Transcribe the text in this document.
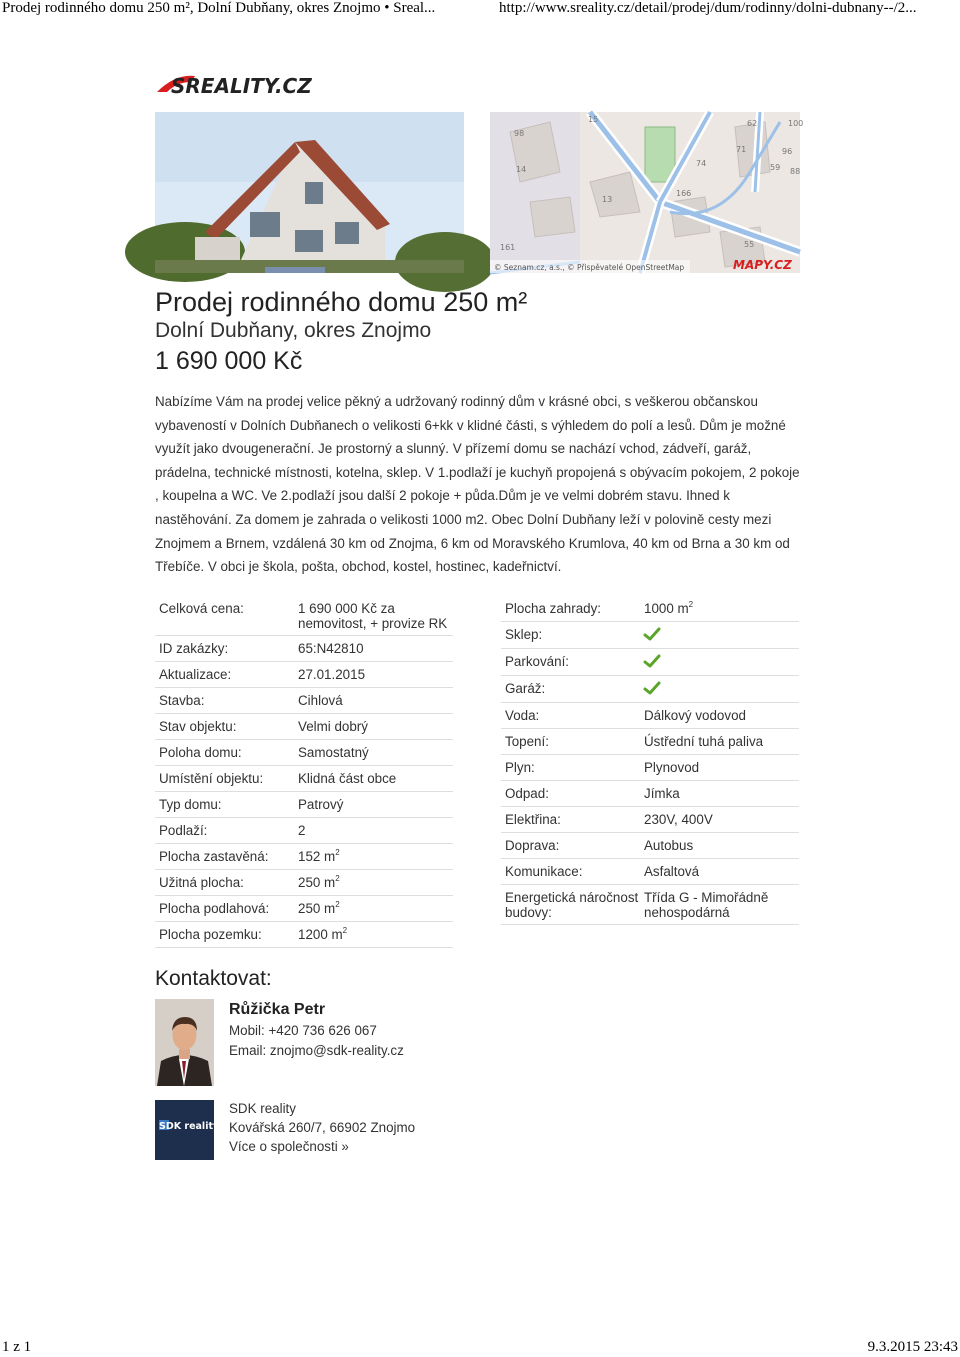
Prodej rodinného domu 250 m², Dolní Dubňany, okres Znojmo • Sreal...	http://www.sreality.cz/detail/prodej/dum/rodinny/dolni-dubnany--/2...
SREALITY.CZ
98
15	62	100
71	96
14
74	59 88
166
13
161	55
© Seznam.cz, a.s., © Přispěvatelé OpenStreetMap	MAPY.CZ
Prodej rodinného domu 250 m²
Dolní Dubňany, okres Znojmo
1 690 000 Kč
Nabízíme Vám na prodej velice pěkný a udržovaný rodinný dům v krásné obci, s veškerou občanskou vybaveností v Dolních Dubňanech o velikosti 6+kk v klidné části, s výhledem do polí a lesů. Dům je možné využít jako dvougenerační. Je prostorný a slunný. V přízemí domu se nachází vchod, zádveří, garáž, prádelna, technické místnosti, kotelna, sklep. V 1.podlaží je kuchyň propojená s obývacím pokojem, 2 pokoje , koupelna a WC. Ve 2.podlaží jsou další 2 pokoje + půda.Dům je ve velmi dobrém stavu. Ihned k nastěhování. Za domem je zahrada o velikosti 1000 m2. Obec Dolní Dubňany leží v polovině cesty mezi Znojmem a Brnem, vzdálená 30 km od Znojma, 6 km od Moravského Krumlova, 40 km od Brna a 30 km od Třebíče. V obci je škola, pošta, obchod, kostel, hostinec, kadeřnictví.
Celková cena:	1 690 000 Kč za nemovitost, + provize RK
ID zakázky:	65:N42810
Aktualizace:	27.01.2015
Stavba:	Cihlová
Stav objektu:	Velmi dobrý
Poloha domu:	Samostatný
Umístění objektu:	Klidná část obce
Typ domu:	Patrový
Podlaží:	2
Plocha zastavěná:	152 $m^2$
Užitná plocha:	250 $m^2$
Plocha podlahová:	250 $m^2$
Plocha pozemku:	1200 $m^2$
Plocha zahrady:	1000 $m^2$
Sklep:
Parkování:
Garáž:
Voda:	Dálkový vodovod
Topení:	Ústřední tuhá paliva
Plyn:	Plynovod
Odpad:	Jímka
Elektřina:	230V, 400V
Doprava:	Autobus
Komunikace:	Asfaltová
Energetická náročnost budovy:
Třída G - Mimořádně nehospodárná
Kontaktovat:
Růžička Petr
Mobil: +420 736 626 067
Email: znojmo@sdk-reality.cz
SDK reality
SDK reality
Kovářská 260/7, 66902 Znojmo
Více o společnosti »
1 z 1	9.3.2015 23:43
